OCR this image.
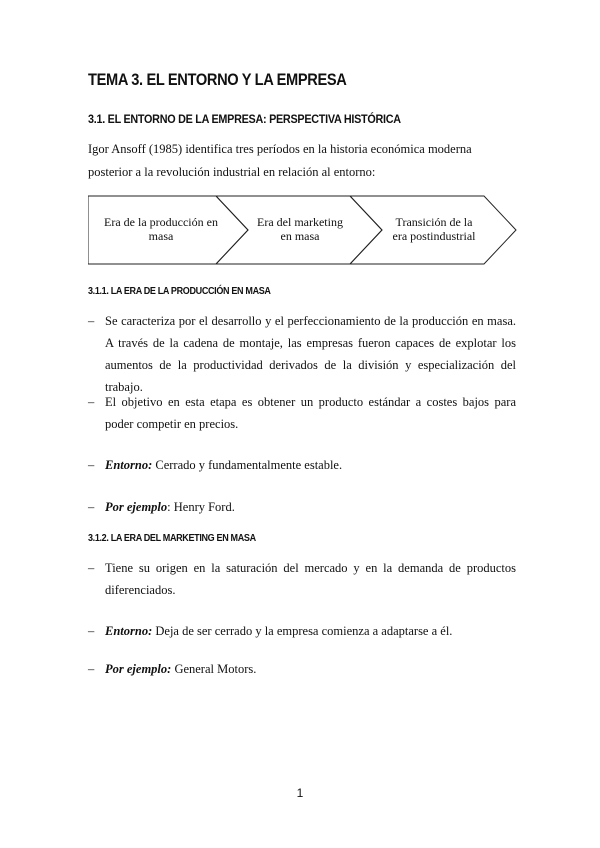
TEMA 3. EL ENTORNO Y LA EMPRESA
3.1. EL ENTORNO DE LA EMPRESA: PERSPECTIVA HISTÓRICA
Igor Ansoff (1985) identifica tres períodos en la historia económica moderna posterior a la revolución industrial en relación al entorno:
Era de la producción en
masa
Era del marketing
en masa
Transición de la
era postindustrial
3.1.1. LA ERA DE LA PRODUCCIÓN EN MASA
– Se caracteriza por el desarrollo y el perfeccionamiento de la producción en masa. A través de la cadena de montaje, las empresas fueron capaces de explotar los aumentos de la productividad derivados de la división y especialización del trabajo.
– El objetivo en esta etapa es obtener un producto estándar a costes bajos para poder competir en precios.
– Entorno: Cerrado y fundamentalmente estable.
– Por ejemplo: Henry Ford.
3.1.2. LA ERA DEL MARKETING EN MASA
– Tiene su origen en la saturación del mercado y en la demanda de productos diferenciados.
– Entorno: Deja de ser cerrado y la empresa comienza a adaptarse a él.
– Por ejemplo: General Motors.
1
